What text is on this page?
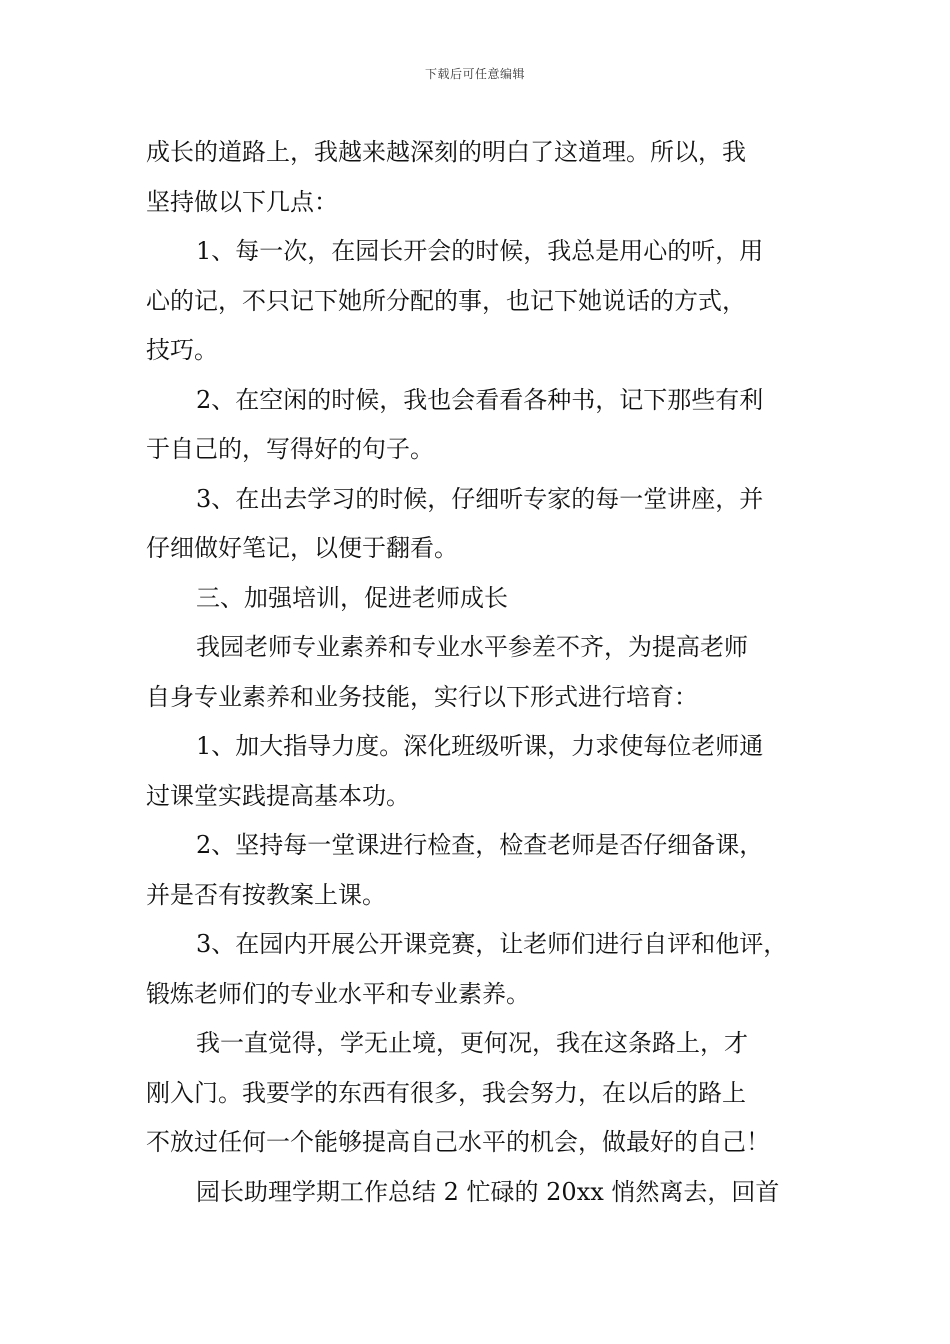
下载后可任意编辑
成长的道路上，我越来越深刻的明白了这道理。所以，我
坚持做以下几点：
1、每一次，在园长开会的时候，我总是用心的听，用
心的记，不只记下她所分配的事，也记下她说话的方式，
技巧。
2、在空闲的时候，我也会看看各种书，记下那些有利
于自己的，写得好的句子。
3、在出去学习的时候，仔细听专家的每一堂讲座，并
仔细做好笔记，以便于翻看。
三、加强培训，促进老师成长
我园老师专业素养和专业水平参差不齐，为提高老师
自身专业素养和业务技能，实行以下形式进行培育：
1、加大指导力度。深化班级听课，力求使每位老师通
过课堂实践提高基本功。
2、坚持每一堂课进行检查，检查老师是否仔细备课，
并是否有按教案上课。
3、在园内开展公开课竞赛，让老师们进行自评和他评，
锻炼老师们的专业水平和专业素养。
我一直觉得，学无止境，更何况，我在这条路上，才
刚入门。我要学的东西有很多，我会努力，在以后的路上
不放过任何一个能够提高自己水平的机会，做最好的自己！
园长助理学期工作总结 2 忙碌的 20xx 悄然离去，回首
